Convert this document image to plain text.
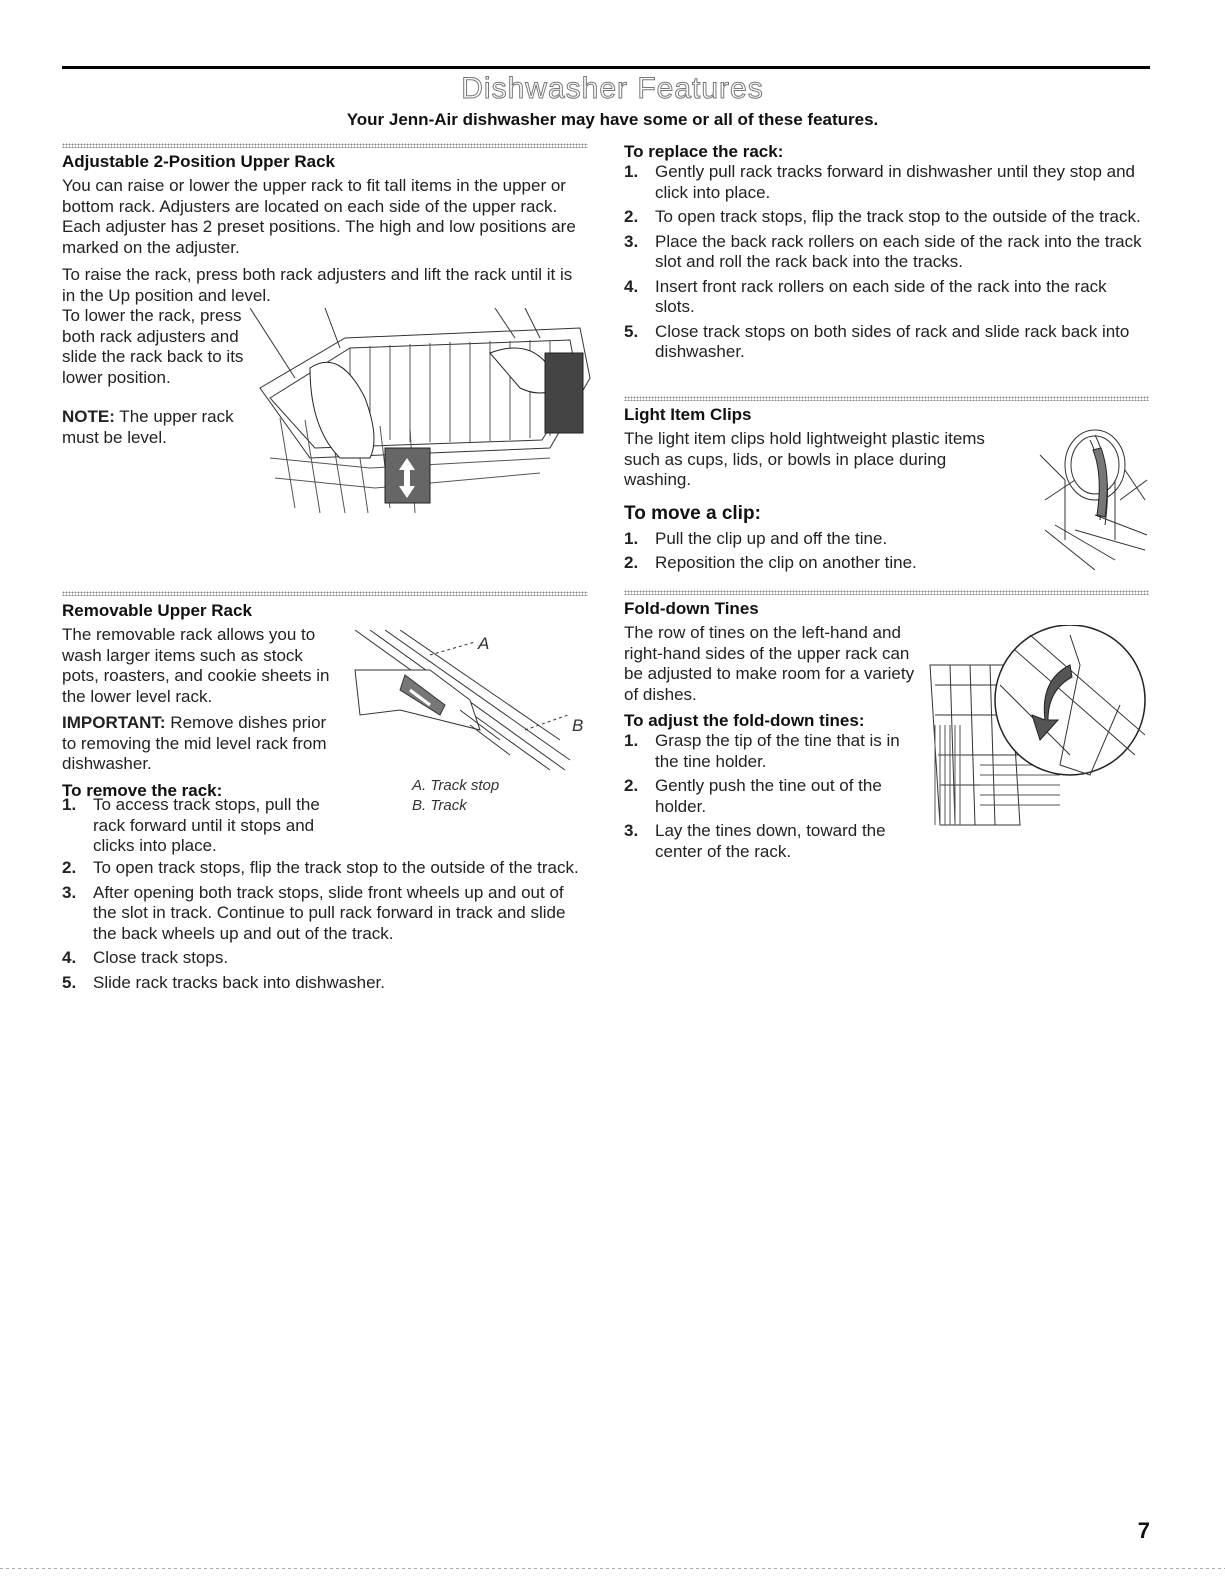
Dishwasher Features
Your Jenn-Air dishwasher may have some or all of these features.
Adjustable 2-Position Upper Rack
You can raise or lower the upper rack to fit tall items in the upper or bottom rack. Adjusters are located on each side of the upper rack. Each adjuster has 2 preset positions. The high and low positions are marked on the adjuster.
To raise the rack, press both rack adjusters and lift the rack until it is in the Up position and level.
To lower the rack, press both rack adjusters and slide the rack back to its lower position.
NOTE: The upper rack must be level.
Removable Upper Rack
The removable rack allows you to wash larger items such as stock pots, roasters, and cookie sheets in the lower level rack.
IMPORTANT: Remove dishes prior to removing the mid level rack from dishwasher.
To remove the rack:
A
B
A. Track stop
B. Track
1. To access track stops, pull the rack forward until it stops and clicks into place.
2. To open track stops, flip the track stop to the outside of the track.
3. After opening both track stops, slide front wheels up and out of the slot in track. Continue to pull rack forward in track and slide the back wheels up and out of the track.
4. Close track stops.
5. Slide rack tracks back into dishwasher.
To replace the rack:
1. Gently pull rack tracks forward in dishwasher until they stop and click into place.
2. To open track stops, flip the track stop to the outside of the track.
3. Place the back rack rollers on each side of the rack into the track slot and roll the rack back into the tracks.
4. Insert front rack rollers on each side of the rack into the rack slots.
5. Close track stops on both sides of rack and slide rack back into dishwasher.
Light Item Clips
The light item clips hold lightweight plastic items such as cups, lids, or bowls in place during washing.
To move a clip:
1. Pull the clip up and off the tine.
2. Reposition the clip on another tine.
Fold-down Tines
The row of tines on the left-hand and right-hand sides of the upper rack can be adjusted to make room for a variety of dishes.
To adjust the fold-down tines:
1. Grasp the tip of the tine that is in the tine holder.
2. Gently push the tine out of the holder.
3. Lay the tines down, toward the center of the rack.
7
